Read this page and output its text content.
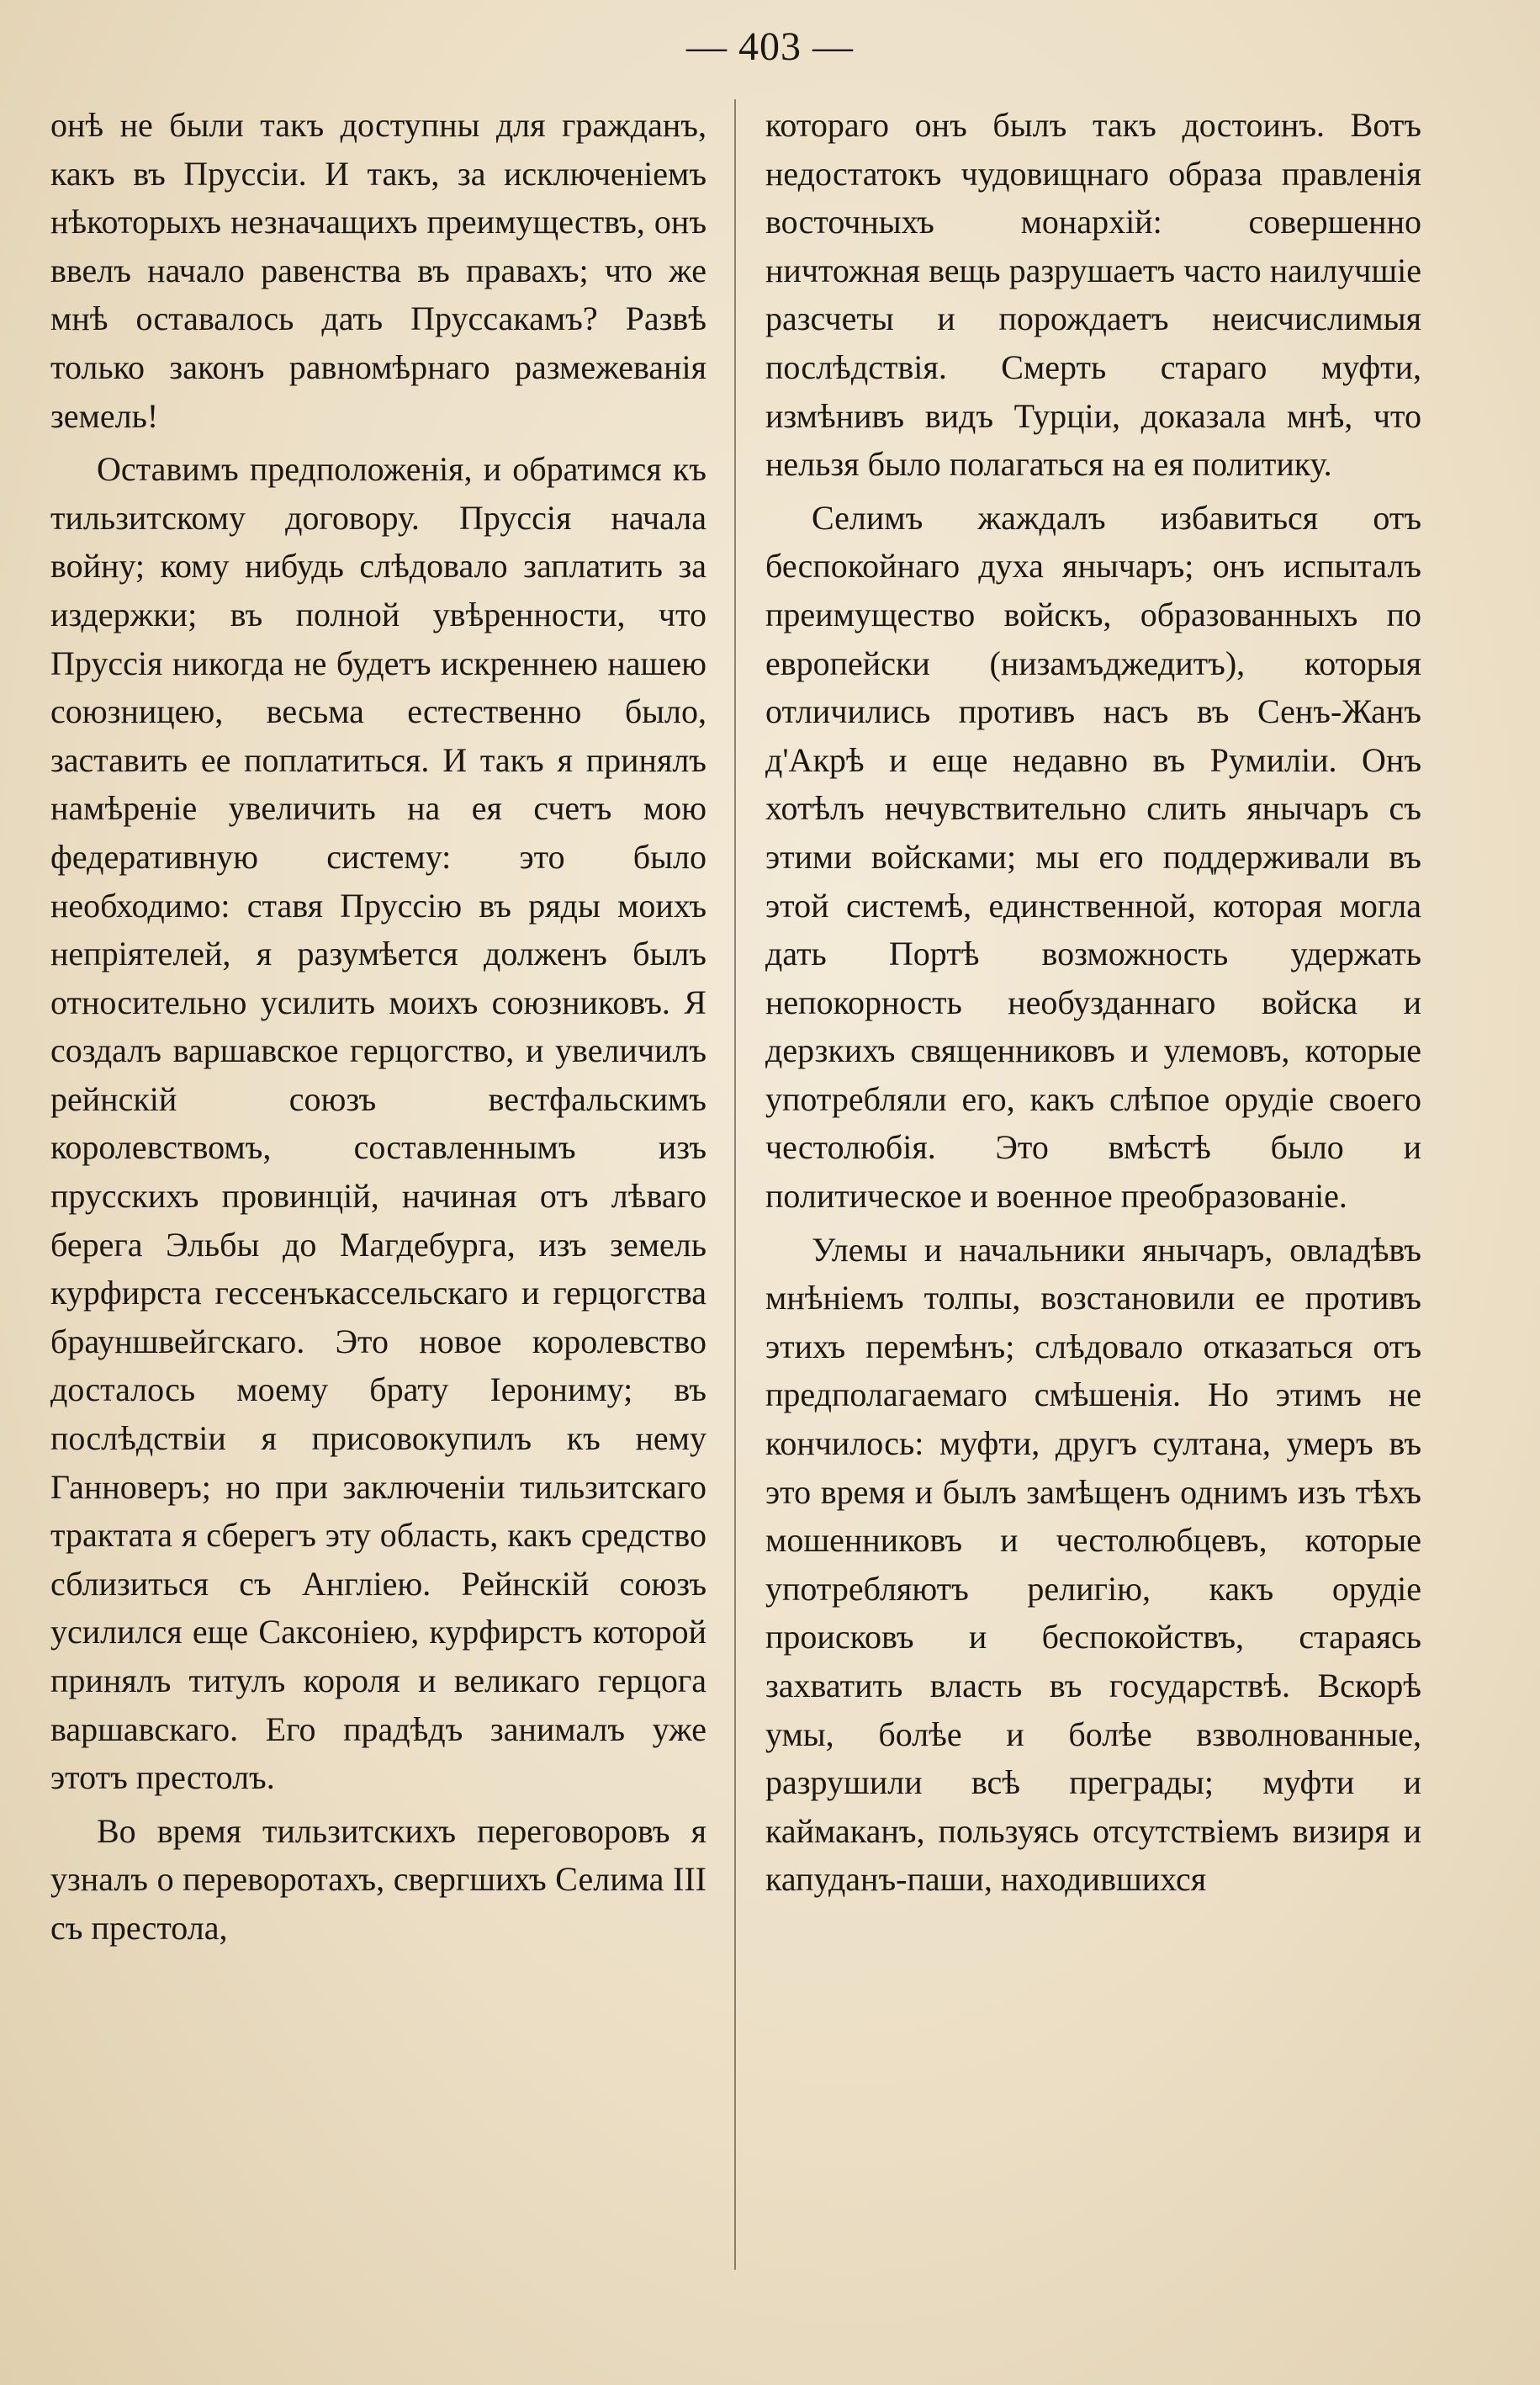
— 403 —

онѣ не были такъ доступны для гражданъ, какъ въ Пруссіи. И такъ, за исключеніемъ нѣкоторыхъ незначащихъ преимуществъ, онъ ввелъ начало равенства въ правахъ; что же мнѣ оставалось дать Пруссакамъ? Развѣ только законъ равномѣрнаго размежеванія земель!

Оставимъ предположенія, и обратимся къ тильзитскому договору. Пруссія начала войну; кому нибудь слѣдовало заплатить за издержки; въ полной увѣренности, что Пруссія никогда не будетъ искреннею нашею союзницею, весьма естественно было, заставить ее поплатиться. И такъ я принялъ намѣреніе увеличить на ея счетъ мою федеративную систему: это было необходимо: ставя Пруссію въ ряды моихъ непріятелей, я разумѣется долженъ былъ относительно усилить моихъ союзниковъ. Я создалъ варшавское герцогство, и увеличилъ рейнскій союзъ вестфальскимъ королевствомъ, составленнымъ изъ прусскихъ провинцій, начиная отъ лѣваго берега Эльбы до Магдебурга, изъ земель курфирста гессенъкассельскаго и герцогства брауншвейгскаго. Это новое королевство досталось моему брату Іерониму; въ послѣдствіи я присовокупилъ къ нему Ганноверъ; но при заключеніи тильзитскаго трактата я сберегъ эту область, какъ средство сблизиться съ Англіею. Рейнскій союзъ усилился еще Саксоніею, курфирстъ которой принялъ титулъ короля и великаго герцога варшавскаго. Его прадѣдъ занималъ уже этотъ престолъ.

Во время тильзитскихъ переговоровъ я узналъ о переворотахъ, свергшихъ Селима III съ престола,

котораго онъ былъ такъ достоинъ. Вотъ недостатокъ чудовищнаго образа правленія восточныхъ монархій: совершенно ничтожная вещь разрушаетъ часто наилучшіе разсчеты и порождаетъ неисчислимыя послѣдствія. Смерть стараго муфти, измѣнивъ видъ Турціи, доказала мнѣ, что нельзя было полагаться на ея политику.

Селимъ жаждалъ избавиться отъ беспокойнаго духа янычаръ; онъ испыталъ преимущество войскъ, образованныхъ по европейски (низамъджедитъ), которыя отличились противъ насъ въ Сенъ-Жанъ д'Акрѣ и еще недавно въ Румиліи. Онъ хотѣлъ нечувствительно слить янычаръ съ этими войсками; мы его поддерживали въ этой системѣ, единственной, которая могла дать Портѣ возможность удержать непокорность необузданнаго войска и дерзкихъ священниковъ и улемовъ, которые употребляли его, какъ слѣпое орудіе своего честолюбія. Это вмѣстѣ было и политическое и военное преобразованіе.

Улемы и начальники янычаръ, овладѣвъ мнѣніемъ толпы, возстановили ее противъ этихъ перемѣнъ; слѣдовало отказаться отъ предполагаемаго смѣшенія. Но этимъ не кончилось: муфти, другъ султана, умеръ въ это время и былъ замѣщенъ однимъ изъ тѣхъ мошенниковъ и честолюбцевъ, которые употребляютъ религію, какъ орудіе происковъ и беспокойствъ, стараясь захватить власть въ государствѣ. Вскорѣ умы, болѣе и болѣе взволнованные, разрушили всѣ преграды; муфти и каймаканъ, пользуясь отсутствіемъ визиря и капуданъ-паши, находившихся
